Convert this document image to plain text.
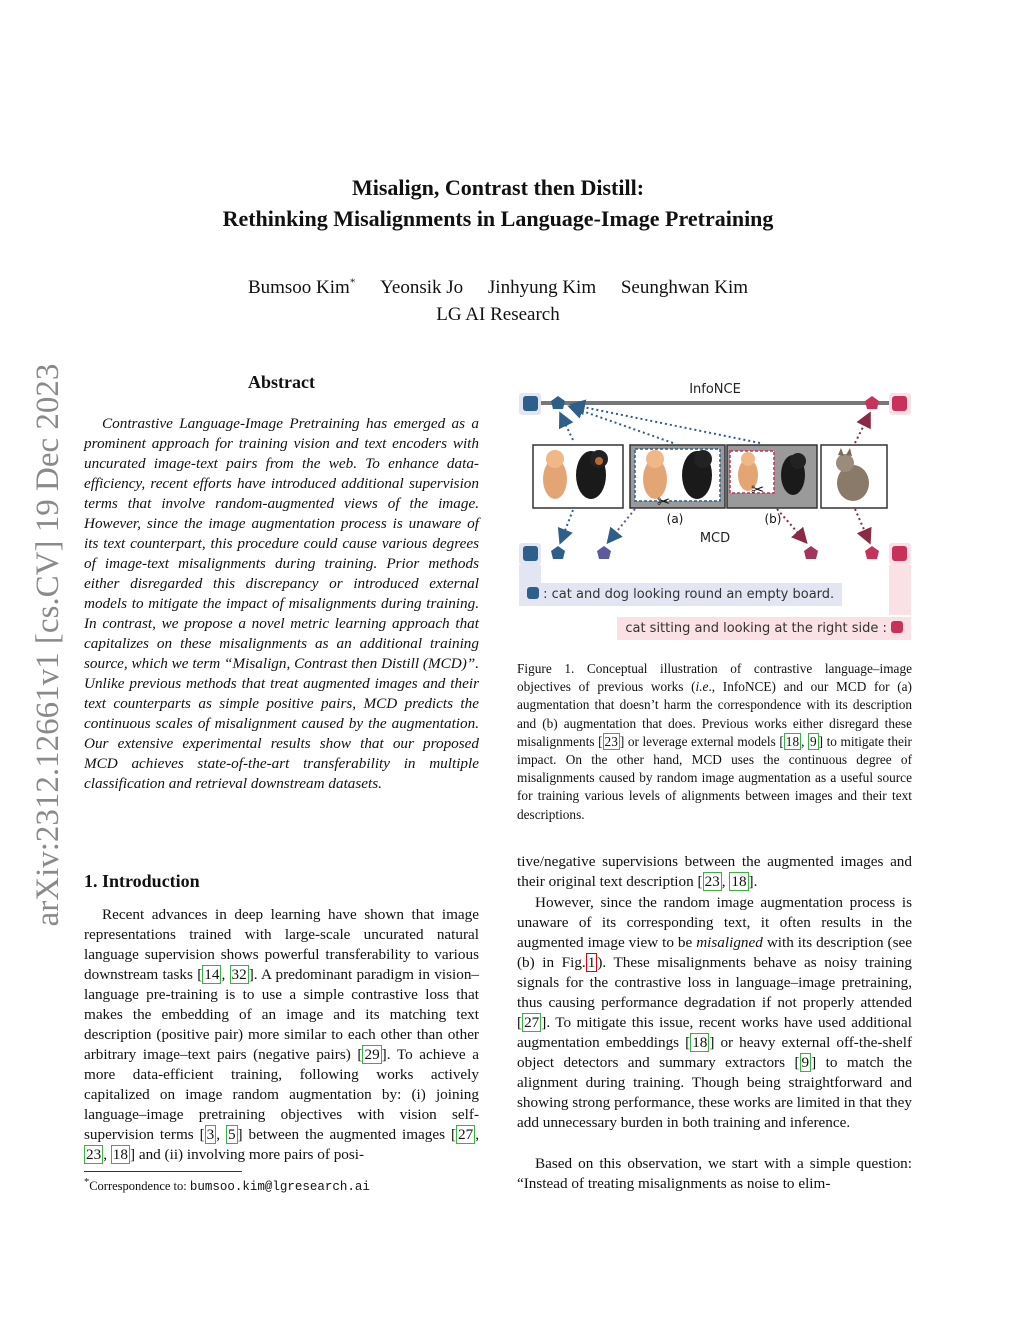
arXiv:2312.12661v1 [cs.CV] 19 Dec 2023
Misalign, Contrast then Distill:
Rethinking Misalignments in Language-Image Pretraining
Bumsoo Kim* Yeonsik Jo Jinhyung Kim Seunghwan Kim
LG AI Research
Abstract

Contrastive Language-Image Pretraining has emerged as a prominent approach for training vision and text encoders with uncurated image-text pairs from the web. To enhance data-efficiency, recent efforts have introduced additional supervision terms that involve random-augmented views of the image. However, since the image augmentation process is unaware of its text counterpart, this procedure could cause various degrees of image-text misalignments during training. Prior methods either disregarded this discrepancy or introduced external models to mitigate the impact of misalignments during training. In contrast, we propose a novel metric learning approach that capitalizes on these misalignments as an additional training source, which we term “Misalign, Contrast then Distill (MCD)”. Unlike previous methods that treat augmented images and their text counterparts as simple positive pairs, MCD predicts the continuous scales of misalignment caused by the augmentation. Our extensive experimental results show that our proposed MCD achieves state-of-the-art transferability in multiple classification and retrieval downstream datasets.

1. Introduction

Recent advances in deep learning have shown that image representations trained with large-scale uncurated natural language supervision shows powerful transferability to various downstream tasks [ 14 , 32 ]. A predominant paradigm in vision–language pre-training is to use a simple contrastive loss that makes the embedding of an image and its matching text description (positive pair) more similar to each other than other arbitrary image–text pairs (negative pairs) [ 29 ]. To achieve a more data-efficient training, following works actively capitalized on image random augmentation by: (i) joining language–image pretraining objectives with vision self-supervision terms [ 3 , 5 ] between the augmented images [ 27 , 23 , 18 ] and (ii) involving more pairs of posi-

*Correspondence to: bumsoo.kim@lgresearch.ai
InfoNCE
✂
✂
(a)	(b)
MCD
: cat and dog looking round an empty board.
cat sitting and looking at the right side :

Figure 1. Conceptual illustration of contrastive language–image objectives of previous works (i.e., InfoNCE) and our MCD for (a) augmentation that doesn’t harm the correspondence with its description and (b) augmentation that does. Previous works either disregard these misalignments [ 23 ] or leverage external models [ 18 , 9 ] to mitigate their impact. On the other hand, MCD uses the continuous degree of misalignments caused by random image augmentation as a useful source for training various levels of alignments between images and their text descriptions.

tive/negative supervisions between the augmented images and their original text description [ 23 , 18 ].

However, since the random image augmentation process is unaware of its corresponding text, it often results in the augmented image view to be misaligned with its description (see (b) in Fig. 1 ). These misalignments behave as noisy training signals for the contrastive loss in language–image pretraining, thus causing performance degradation if not properly attended [ 27 ]. To mitigate this issue, recent works have used additional augmentation embeddings [ 18 ] or heavy external off-the-shelf object detectors and summary extractors [ 9 ] to match the alignment during training. Though being straightforward and showing strong performance, these works are limited in that they add unnecessary burden in both training and inference.

Based on this observation, we start with a simple question: “Instead of treating misalignments as noise to elim-
